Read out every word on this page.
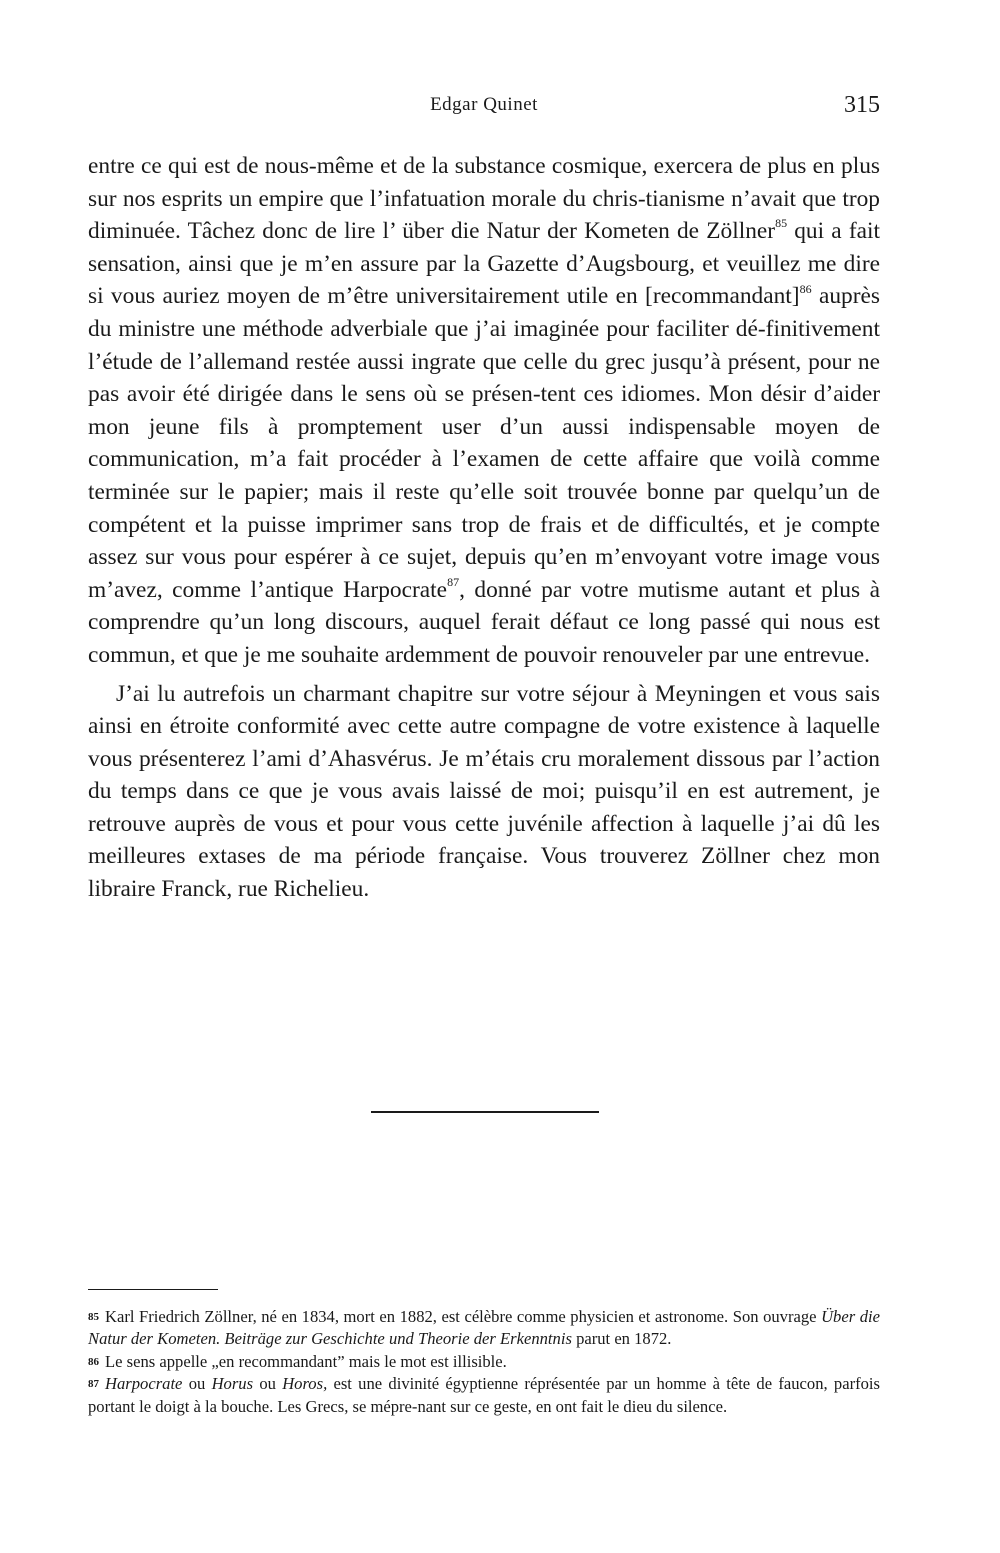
Edgar Quinet	315

entre ce qui est de nous-même et de la substance cosmique, exercera de plus en plus sur nos esprits un empire que l’infatuation morale du chris-tianisme n’avait que trop diminuée. Tâchez donc de lire l’ über die Natur der Kometen de Zöllner$^{85}$ qui a fait sensation, ainsi que je m’en assure par la Gazette d’Augsbourg, et veuillez me dire si vous auriez moyen de m’être universitairement utile en [recommandant]$^{86}$ auprès du ministre une méthode adverbiale que j’ai imaginée pour faciliter dé-finitivement l’étude de l’allemand restée aussi ingrate que celle du grec jusqu’à présent, pour ne pas avoir été dirigée dans le sens où se présen-tent ces idiomes. Mon désir d’aider mon jeune fils à promptement user d’un aussi indispensable moyen de communication, m’a fait procéder à l’examen de cette affaire que voilà comme terminée sur le papier; mais il reste qu’elle soit trouvée bonne par quelqu’un de compétent et la puisse imprimer sans trop de frais et de difficultés, et je compte assez sur vous pour espérer à ce sujet, depuis qu’en m’envoyant votre image vous m’avez, comme l’antique Harpocrate$^{87}$, donné par votre mutisme autant et plus à comprendre qu’un long discours, auquel ferait défaut ce long passé qui nous est commun, et que je me souhaite ardemment de pouvoir renouveler par une entrevue.

J’ai lu autrefois un charmant chapitre sur votre séjour à Meyningen et vous sais ainsi en étroite conformité avec cette autre compagne de votre existence à laquelle vous présenterez l’ami d’Ahasvérus. Je m’étais cru moralement dissous par l’action du temps dans ce que je vous avais laissé de moi; puisqu’il en est autrement, je retrouve auprès de vous et pour vous cette juvénile affection à laquelle j’ai dû les meilleures extases de ma période française. Vous trouverez Zöllner chez mon libraire Franck, rue Richelieu.

85 Karl Friedrich Zöllner, né en 1834, mort en 1882, est célèbre comme physicien et astronome. Son ouvrage Über die Natur der Kometen. Beiträge zur Geschichte und Theorie der Erkenntnis parut en 1872.

86 Le sens appelle „en recommandant” mais le mot est illisible.

87 Harpocrate ou Horus ou Horos, est une divinité égyptienne réprésentée par un homme à tête de faucon, parfois portant le doigt à la bouche. Les Grecs, se mépre-nant sur ce geste, en ont fait le dieu du silence.
